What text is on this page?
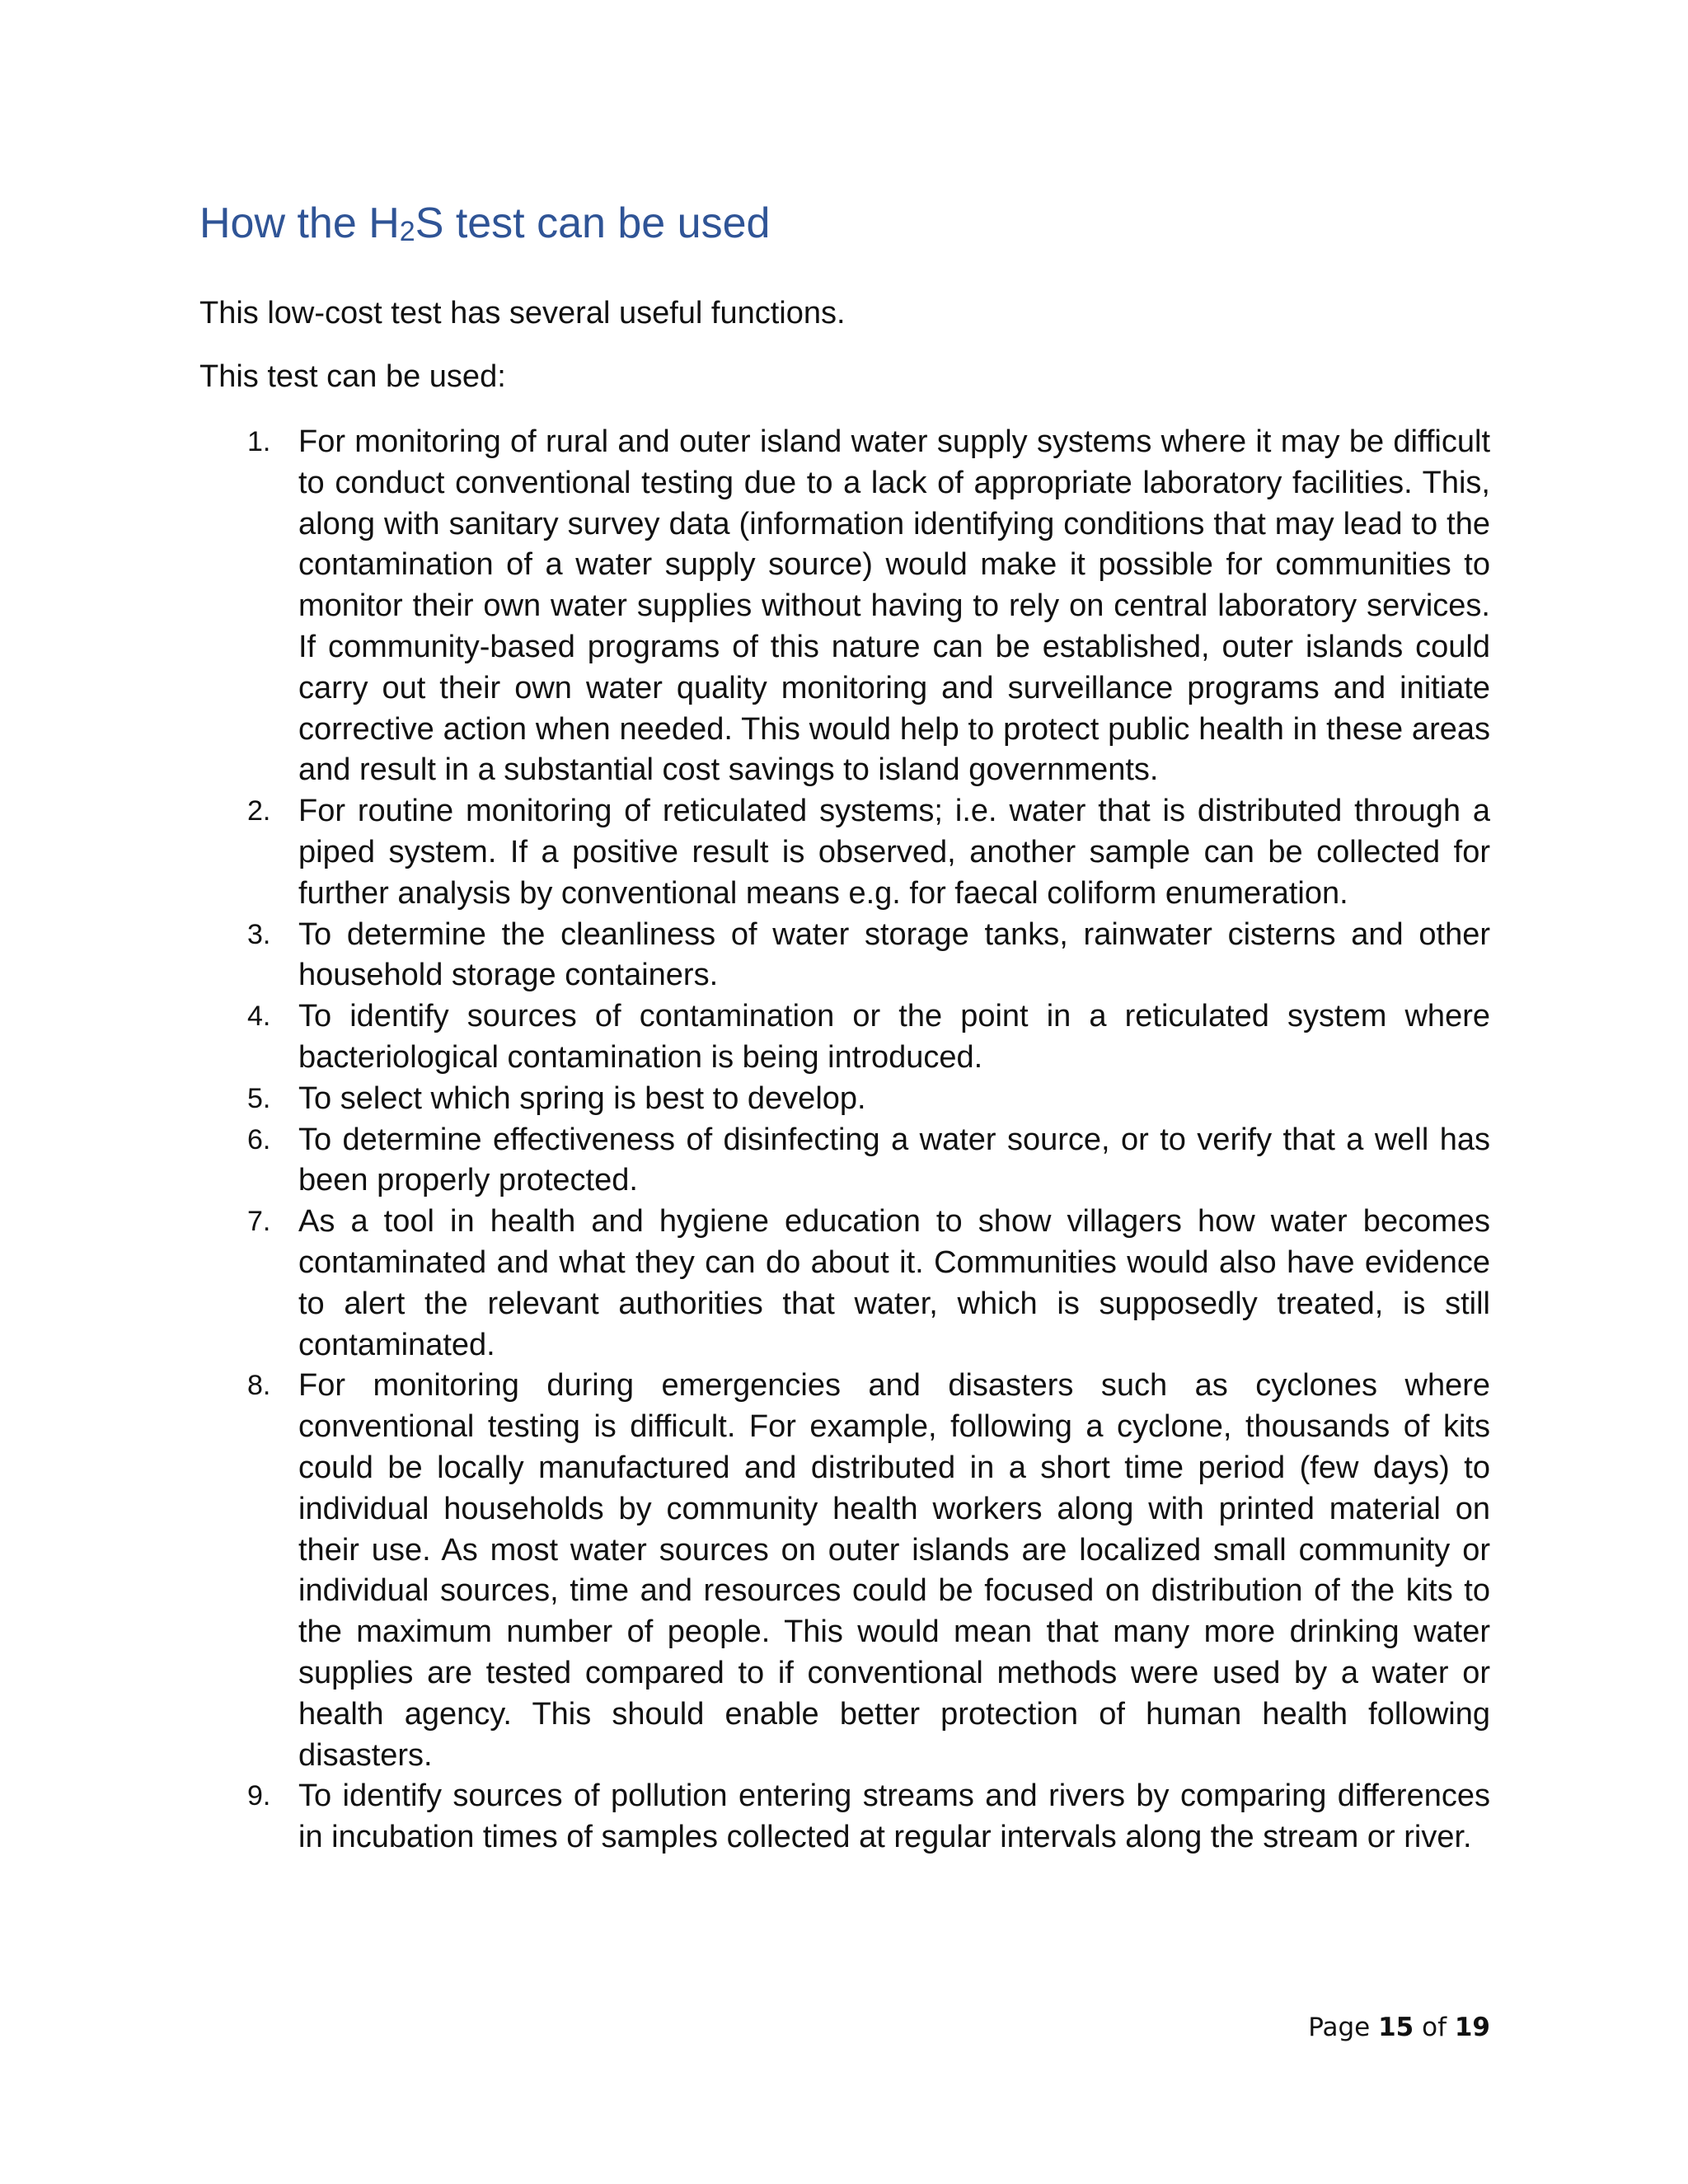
How the $H_2S$ test can be used

This low-cost test has several useful functions.

This test can be used:

1. For monitoring of rural and outer island water supply systems where it may be difficult to conduct conventional testing due to a lack of appropriate laboratory facilities. This, along with sanitary survey data (information identifying conditions that may lead to the contamination of a water supply source) would make it possible for communities to monitor their own water supplies without having to rely on central laboratory services. If community-based programs of this nature can be established, outer islands could carry out their own water quality monitoring and surveillance programs and initiate corrective action when needed. This would help to protect public health in these areas and result in a substantial cost savings to island governments.
2. For routine monitoring of reticulated systems; i.e. water that is distributed through a piped system. If a positive result is observed, another sample can be collected for further analysis by conventional means e.g. for faecal coliform enumeration.
3. To determine the cleanliness of water storage tanks, rainwater cisterns and other household storage containers.
4. To identify sources of contamination or the point in a reticulated system where bacteriological contamination is being introduced.
5. To select which spring is best to develop.
6. To determine effectiveness of disinfecting a water source, or to verify that a well has been properly protected.
7. As a tool in health and hygiene education to show villagers how water becomes contaminated and what they can do about it. Communities would also have evidence to alert the relevant authorities that water, which is supposedly treated, is still contaminated.
8. For monitoring during emergencies and disasters such as cyclones where conventional testing is difficult. For example, following a cyclone, thousands of kits could be locally manufactured and distributed in a short time period (few days) to individual households by community health workers along with printed material on their use. As most water sources on outer islands are localized small community or individual sources, time and resources could be focused on distribution of the kits to the maximum number of people. This would mean that many more drinking water supplies are tested compared to if conventional methods were used by a water or health agency. This should enable better protection of human health following disasters.
9. To identify sources of pollution entering streams and rivers by comparing differences in incubation times of samples collected at regular intervals along the stream or river.

Page 15 of 19
